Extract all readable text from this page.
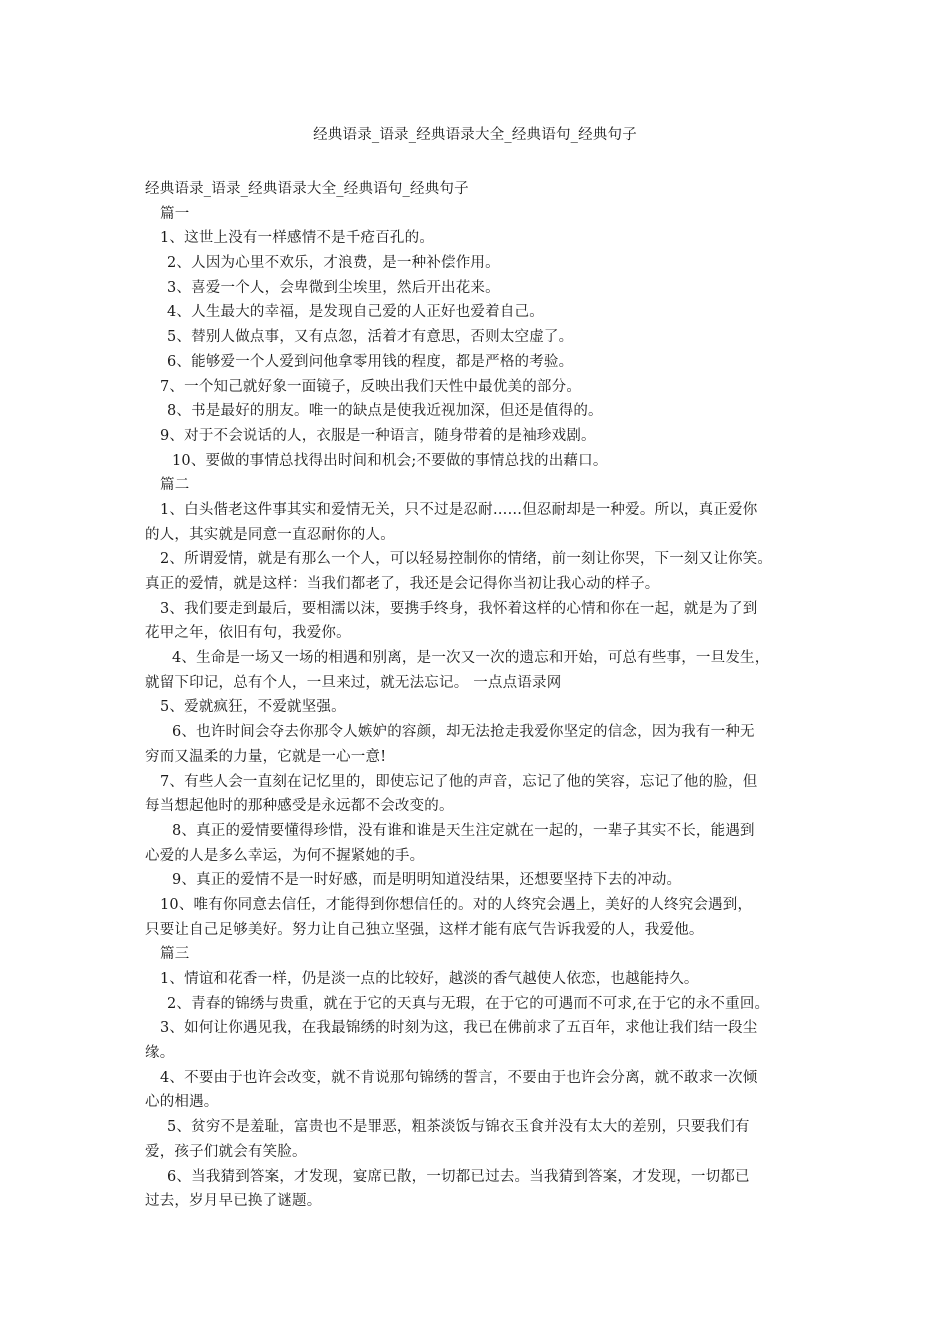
经典语录_语录_经典语录大全_经典语句_经典句子
经典语录_语录_经典语录大全_经典语句_经典句子
篇一
1、这世上没有一样感情不是千疮百孔的。
2、人因为心里不欢乐，才浪费，是一种补偿作用。
3、喜爱一个人，会卑微到尘埃里，然后开出花来。
4、人生最大的幸福，是发现自己爱的人正好也爱着自己。
5、替别人做点事，又有点忽，活着才有意思，否则太空虚了。
6、能够爱一个人爱到问他拿零用钱的程度，都是严格的考验。
7、一个知己就好象一面镜子，反映出我们天性中最优美的部分。
8、书是最好的朋友。唯一的缺点是使我近视加深，但还是值得的。
9、对于不会说话的人，衣服是一种语言，随身带着的是袖珍戏剧。
10、要做的事情总找得出时间和机会;不要做的事情总找的出藉口。
篇二
1、白头偕老这件事其实和爱情无关，只不过是忍耐……但忍耐却是一种爱。所以，真正爱你
的人，其实就是同意一直忍耐你的人。
2、所谓爱情，就是有那么一个人，可以轻易控制你的情绪，前一刻让你哭，下一刻又让你笑。
真正的爱情，就是这样：当我们都老了，我还是会记得你当初让我心动的样子。
3、我们要走到最后，要相濡以沫，要携手终身，我怀着这样的心情和你在一起，就是为了到
花甲之年，依旧有句，我爱你。
4、生命是一场又一场的相遇和别离，是一次又一次的遗忘和开始，可总有些事，一旦发生，
就留下印记，总有个人，一旦来过，就无法忘记。 一点点语录网
5、爱就疯狂，不爱就坚强。
6、也许时间会夺去你那令人嫉妒的容颜，却无法抢走我爱你坚定的信念，因为我有一种无
穷而又温柔的力量，它就是一心一意!
7、有些人会一直刻在记忆里的，即使忘记了他的声音，忘记了他的笑容，忘记了他的脸，但
每当想起他时的那种感受是永远都不会改变的。
8、真正的爱情要懂得珍惜，没有谁和谁是天生注定就在一起的，一辈子其实不长，能遇到
心爱的人是多么幸运，为何不握紧她的手。
9、真正的爱情不是一时好感，而是明明知道没结果，还想要坚持下去的冲动。
10、唯有你同意去信任，才能得到你想信任的。对的人终究会遇上，美好的人终究会遇到，
只要让自己足够美好。努力让自己独立坚强，这样才能有底气告诉我爱的人，我爱他。
篇三
1、情谊和花香一样，仍是淡一点的比较好，越淡的香气越使人依恋，也越能持久。
2、青春的锦绣与贵重，就在于它的天真与无瑕，在于它的可遇而不可求,在于它的永不重回。
3、如何让你遇见我，在我最锦绣的时刻为这，我已在佛前求了五百年，求他让我们结一段尘
缘。
4、不要由于也许会改变，就不肯说那句锦绣的誓言，不要由于也许会分离，就不敢求一次倾
心的相遇。
5、贫穷不是羞耻，富贵也不是罪恶，粗茶淡饭与锦衣玉食并没有太大的差别，只要我们有
爱，孩子们就会有笑脸。
6、当我猜到答案，才发现，宴席已散，一切都已过去。当我猜到答案，才发现，一切都已
过去，岁月早已换了谜题。
